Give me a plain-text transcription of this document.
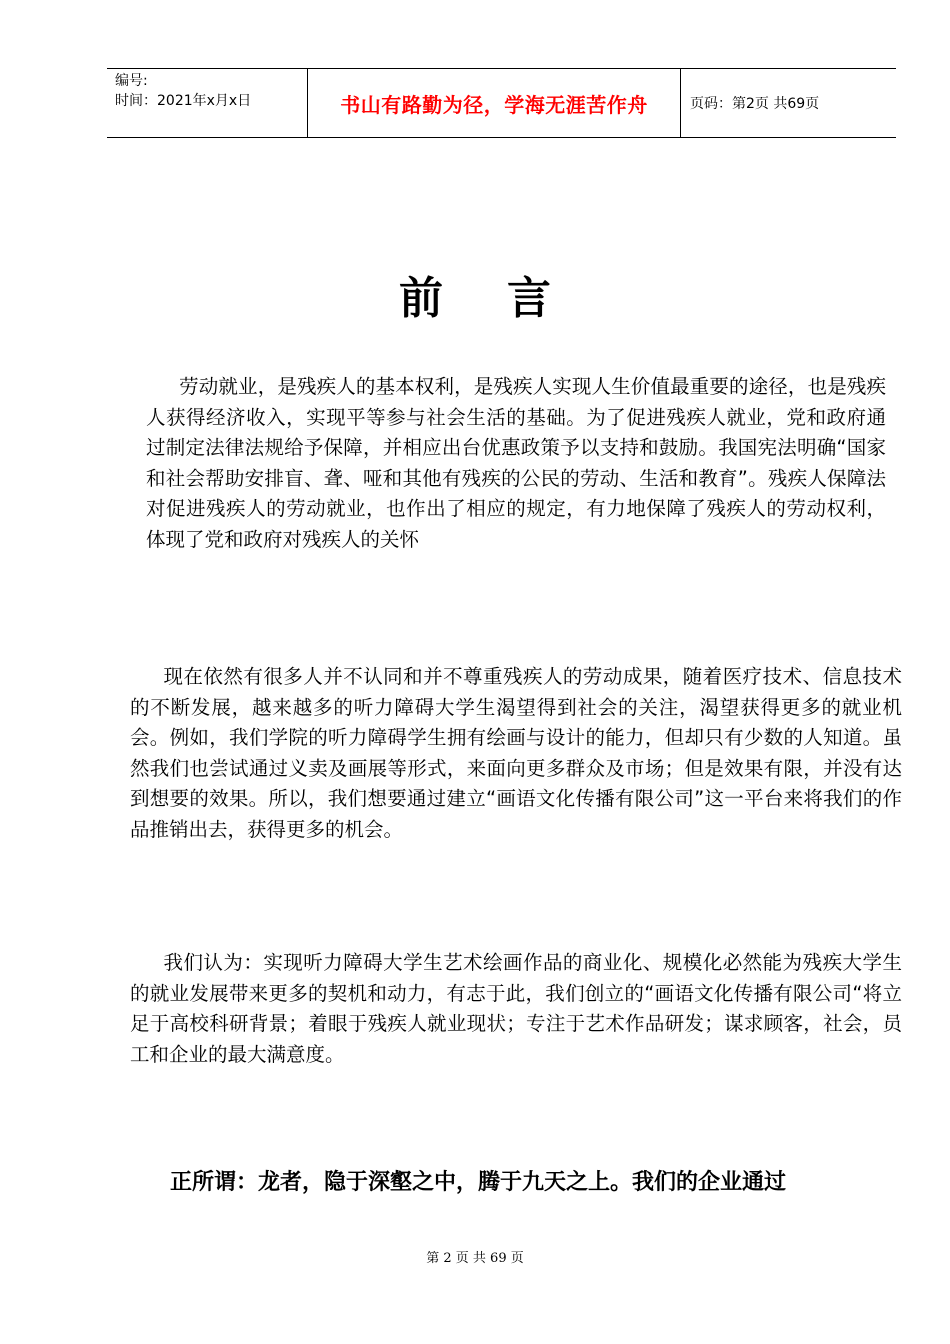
编号:
时间：2021年x月x日	书山有路勤为径，学海无涯苦作舟	页码：第2页 共69页
前言
劳动就业，是残疾人的基本权利，是残疾人实现人生价值最重要的途径，也是残疾人获得经济收入，实现平等参与社会生活的基础。为了促进残疾人就业，党和政府通过制定法律法规给予保障，并相应出台优惠政策予以支持和鼓励。我国宪法明确“国家和社会帮助安排盲、聋、哑和其他有残疾的公民的劳动、生活和教育”。残疾人保障法对促进残疾人的劳动就业，也作出了相应的规定，有力地保障了残疾人的劳动权利，体现了党和政府对残疾人的关怀
现在依然有很多人并不认同和并不尊重残疾人的劳动成果，随着医疗技术、信息技术的不断发展，越来越多的听力障碍大学生渴望得到社会的关注，渴望获得更多的就业机会。例如，我们学院的听力障碍学生拥有绘画与设计的能力，但却只有少数的人知道。虽然我们也尝试通过义卖及画展等形式，来面向更多群众及市场；但是效果有限，并没有达到想要的效果。所以，我们想要通过建立“画语文化传播有限公司”这一平台来将我们的作品推销出去，获得更多的机会。
我们认为：实现听力障碍大学生艺术绘画作品的商业化、规模化必然能为残疾大学生的就业发展带来更多的契机和动力，有志于此，我们创立的“画语文化传播有限公司“将立足于高校科研背景；着眼于残疾人就业现状；专注于艺术作品研发；谋求顾客，社会，员工和企业的最大满意度。
正所谓：龙者，隐于深壑之中，腾于九天之上。我们的企业通过
第 2 页 共 69 页
